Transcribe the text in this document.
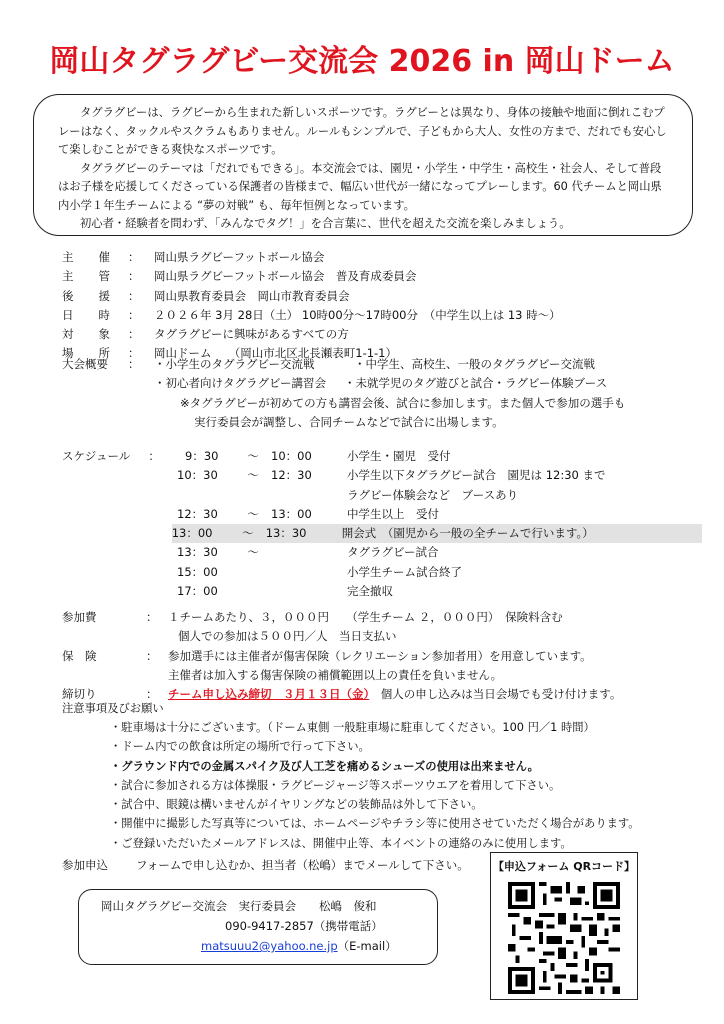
岡山タグラグビー交流会 2026 in 岡山ドーム

タグラグビーは、ラグビーから生まれた新しいスポーツです。ラグビーとは異なり、身体の接触や地面に倒れこむプレーはなく、タックルやスクラムもありません。ルールもシンプルで、子どもから大人、女性の方まで、だれでも安心して楽しむことができる爽快なスポーツです。

タグラグビーのテーマは「だれでもできる」。本交流会では、園児・小学生・中学生・高校生・社会人、そして普段はお子様を応援してくださっている保護者の皆様まで、幅広い世代が一緒になってプレーします。60 代チームと岡山県内小学１年生チームによる “夢の対戦” も、毎年恒例となっています。

初心者・経験者を問わず、「みんなでタグ！」を合言葉に、世代を超えた交流を楽しみましょう。

主 催 ：	岡山県ラグビーフットボール協会
主 管 ：	岡山県ラグビーフットボール協会　普及育成委員会
後 援 ：	岡山県教育委員会　岡山市教育委員会
日 時 ：	２０２６年 3月 28日（土） 10時00分～17時00分　（中学生以上は 13 時～）
対 象 ：	タグラグビーに興味があるすべての方
場 所 ：	岡山ドーム　　（岡山市北区北長瀬表町1-1-1）
大会概要	：	・小学生のタグラグビー交流戦	・中学生、高校生、一般のタグラグビー交流戦
・初心者向けタグラグビー講習会	・未就学児のタグ遊びと試合・ラグビー体験ブース
※タグラグビーが初めての方も講習会後、試合に参加します。また個人で参加の選手も
実行委員会が調整し、合同チームなどで試合に出場します。
スケジュール ：	9：30	～	10：00	小学生・園児　受付
10：30	～	12：30	小学生以下タグラグビー試合　園児は 12:30 まで
ラグビー体験会など　ブースあり
12：30	～	13：00	中学生以上　受付
13：00	～	13：30	開会式　（園児から一般の全チームで行います。）
13：30	～	タグラグビー試合
15：00	小学生チーム試合終了
17：00	完全撤収
参加費	： １チームあたり、３，０００円　　（学生チーム ２，０００円）　保険料含む
個人での参加は５００円／人　当日支払い
保　険	： 参加選手には主催者が傷害保険（レクリエーション参加者用）を用意しています。
主催者は加入する傷害保険の補償範囲以上の責任を負いません。
締切り	： チーム申し込み締切　３月１３日（金）　個人の申し込みは当日会場でも受け付けます。
注意事項及びお願い
・駐車場は十分にございます。（ドーム東側 一般駐車場に駐車してください。100 円／1 時間）
・ドーム内での飲食は所定の場所で行って下さい。
・グラウンド内での金属スパイク及び人工芝を痛めるシューズの使用は出来ません。
・試合に参加される方は体操服・ラグビージャージ等スポーツウエアを着用して下さい。
・試合中、眼鏡は構いませんがイヤリングなどの装飾品は外して下さい。
・開催中に撮影した写真等については、ホームページやチラシ等に使用させていただく場合があります。
・ご登録いただいたメールアドレスは、開催中止等、本イベントの連絡のみに使用します。
参加申込 フォームで申し込むか、担当者（松嶋）までメールして下さい。
岡山タグラグビー交流会　実行委員会　　松嶋　俊和
090-9417-2857（携帯電話）
matsuuu2@yahoo.ne.jp（E-mail）
【申込フォーム QRコード】
